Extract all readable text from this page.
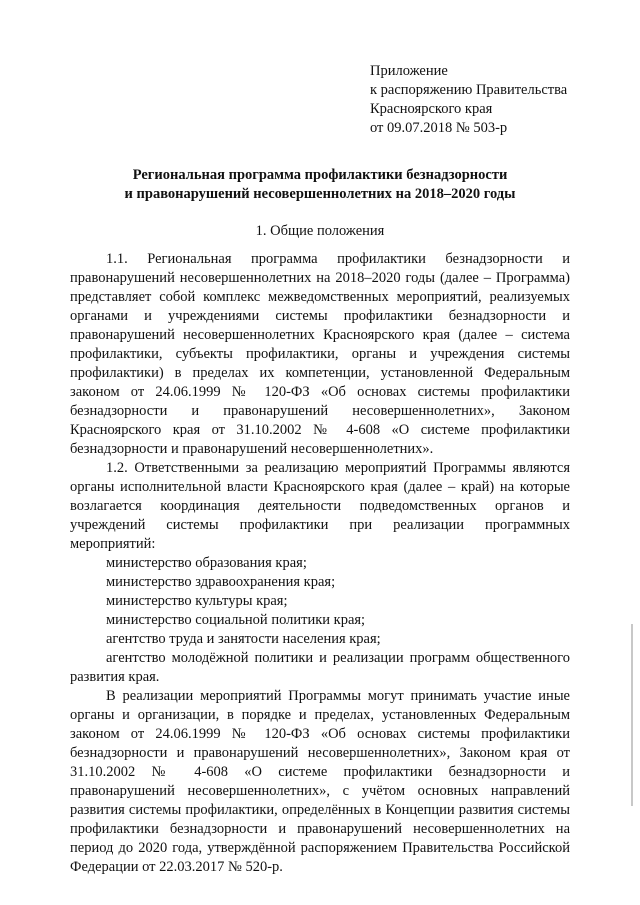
Приложение
к распоряжению Правительства
Красноярского края
от 09.07.2018 № 503-р
Региональная программа профилактики безнадзорности
и правонарушений несовершеннолетних на 2018–2020 годы
1. Общие положения

1.1. Региональная программа профилактики безнадзорности и правонарушений несовершеннолетних на 2018–2020 годы (далее – Программа) представляет собой комплекс межведомственных мероприятий, реализуемых органами и учреждениями системы профилактики безнадзорности и правонарушений несовершеннолетних Красноярского края (далее – система профилактики, субъекты профилактики, органы и учреждения системы профилактики) в пределах их компетенции, установленной Федеральным законом от 24.06.1999 № 120-ФЗ «Об основах системы профилактики безнадзорности и правонарушений несовершеннолетних», Законом Красноярского края от 31.10.2002 № 4-608 «О системе профилактики безнадзорности и правонарушений несовершеннолетних».

1.2. Ответственными за реализацию мероприятий Программы являются органы исполнительной власти Красноярского края (далее – край) на которые возлагается координация деятельности подведомственных органов и учреждений системы профилактики при реализации программных мероприятий:

министерство образования края;

министерство здравоохранения края;

министерство культуры края;

министерство социальной политики края;

агентство труда и занятости населения края;

агентство молодёжной политики и реализации программ общественного развития края.

В реализации мероприятий Программы могут принимать участие иные органы и организации, в порядке и пределах, установленных Федеральным законом от 24.06.1999 № 120-ФЗ «Об основах системы профилактики безнадзорности и правонарушений несовершеннолетних», Законом края от 31.10.2002 № 4-608 «О системе профилактики безнадзорности и правонарушений несовершеннолетних», с учётом основных направлений развития системы профилактики, определённых в Концепции развития системы профилактики безнадзорности и правонарушений несовершеннолетних на период до 2020 года, утверждённой распоряжением Правительства Российской Федерации от 22.03.2017 № 520-р.
